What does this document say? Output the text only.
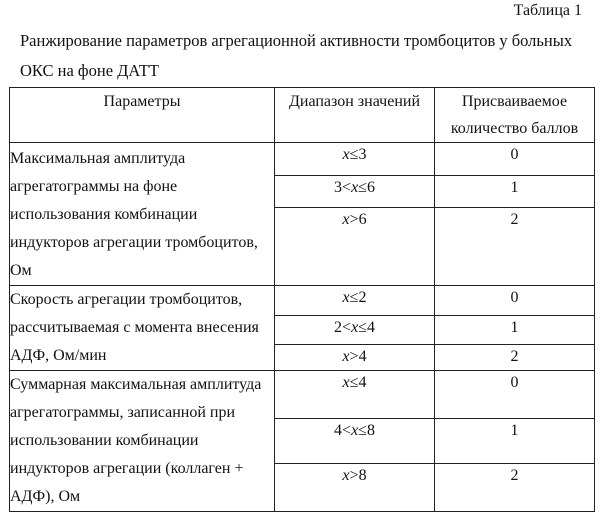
Таблица 1
Ранжирование параметров агрегационной активности тромбоцитов у больных ОКС на фоне ДАТТ
Параметры	Диапазон значений	Присваиваемое количество баллов
Максимальная амплитуда агрегатограммы на фоне использования комбинации индукторов агрегации тромбоцитов, Ом	x≤3	0
	3<x≤6	1
	x>6	2
Скорость агрегации тромбоцитов, рассчитываемая с момента внесения АДФ, Ом/мин	x≤2	0
	2<x≤4	1
	x>4	2
Суммарная максимальная амплитуда агрегатограммы, записанной при использовании комбинации индукторов агрегации (коллаген + АДФ), Ом	x≤4	0
	4<x≤8	1
	x>8	2
